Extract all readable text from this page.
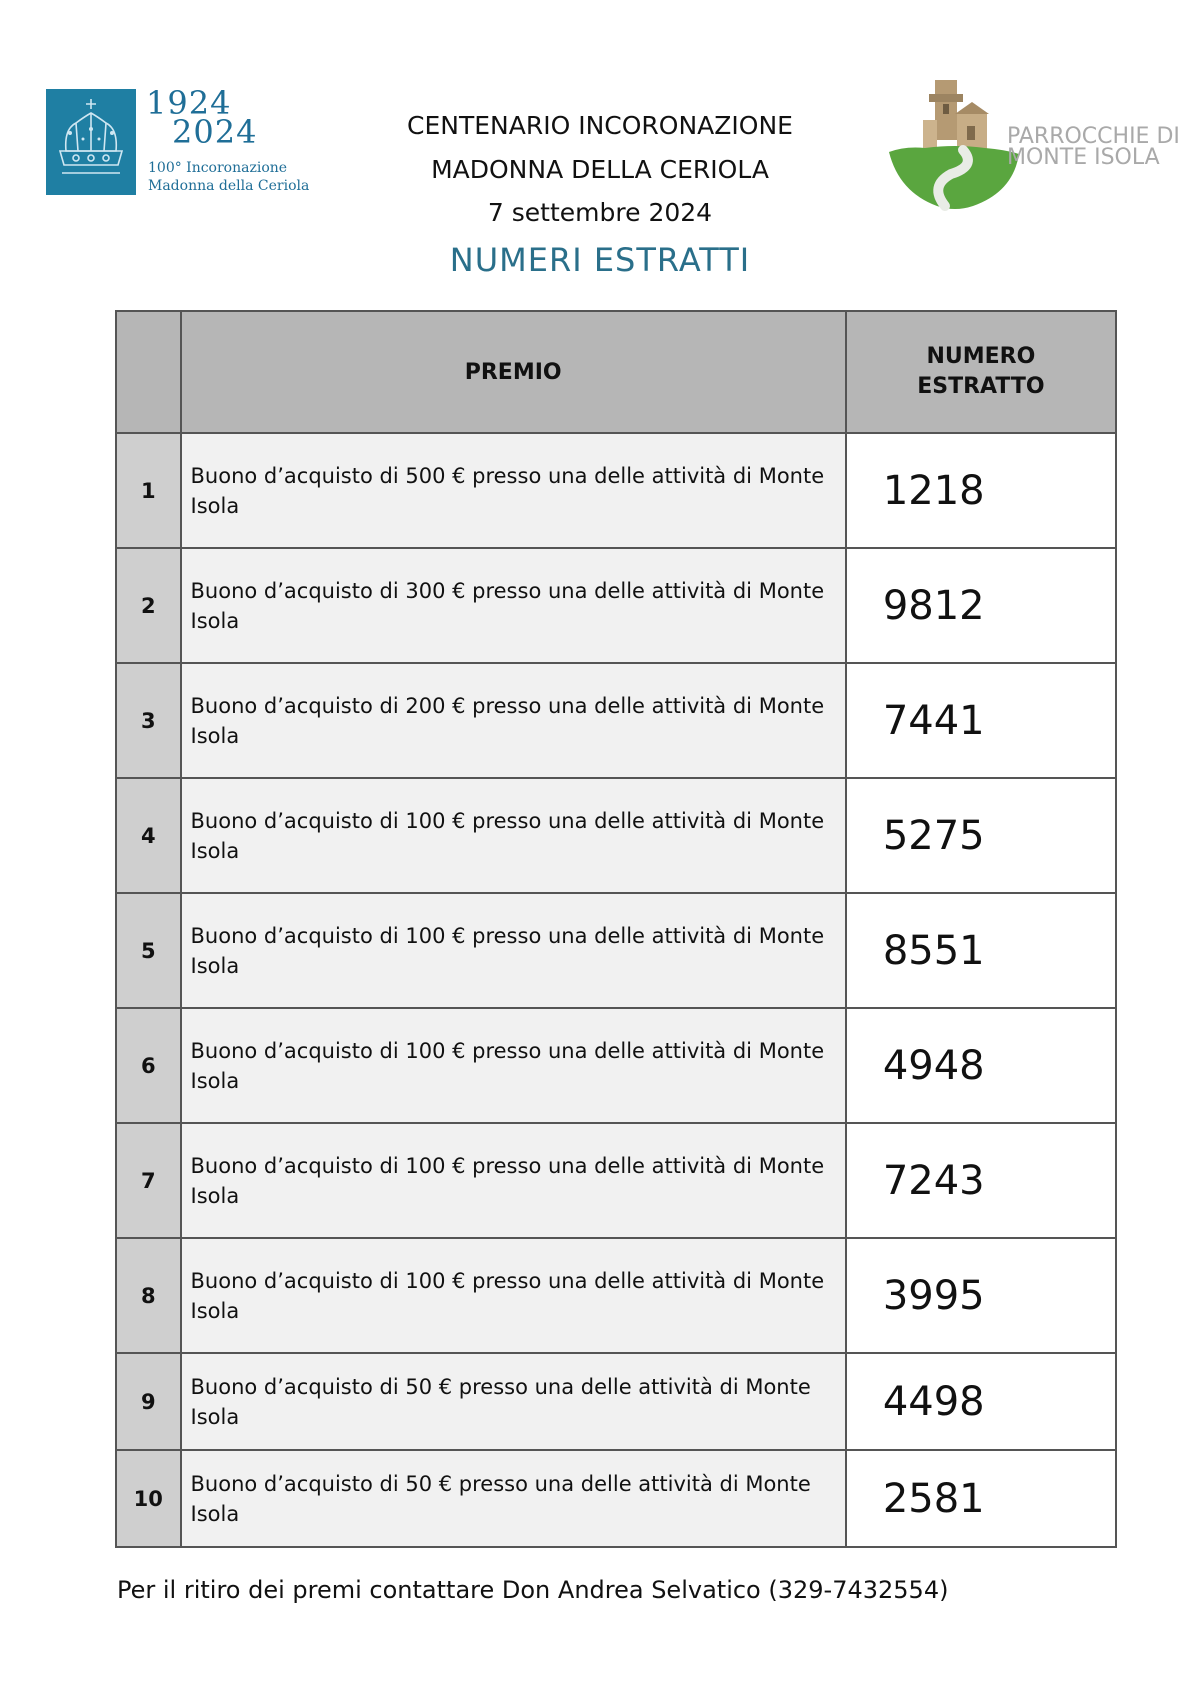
1924
2024
100° Incoronazione
Madonna della Ceriola
CENTENARIO INCORONAZIONE
MADONNA DELLA CERIOLA
7 settembre 2024
NUMERI ESTRATTI
PARROCCHIE DI
MONTE ISOLA
	PREMIO	NUMERO
ESTRATTO

1	Buono d’acquisto di 500 € presso una delle attività di Monte Isola	1218
2	Buono d’acquisto di 300 € presso una delle attività di Monte Isola	9812
3	Buono d’acquisto di 200 € presso una delle attività di Monte Isola	7441
4	Buono d’acquisto di 100 € presso una delle attività di Monte Isola	5275
5	Buono d’acquisto di 100 € presso una delle attività di Monte Isola	8551
6	Buono d’acquisto di 100 € presso una delle attività di Monte Isola	4948
7	Buono d’acquisto di 100 € presso una delle attività di Monte Isola	7243
8	Buono d’acquisto di 100 € presso una delle attività di Monte Isola	3995
9	Buono d’acquisto di 50 € presso una delle attività di Monte Isola	4498
10	Buono d’acquisto di 50 € presso una delle attività di Monte Isola	2581
Per il ritiro dei premi contattare Don Andrea Selvatico (329-7432554)
